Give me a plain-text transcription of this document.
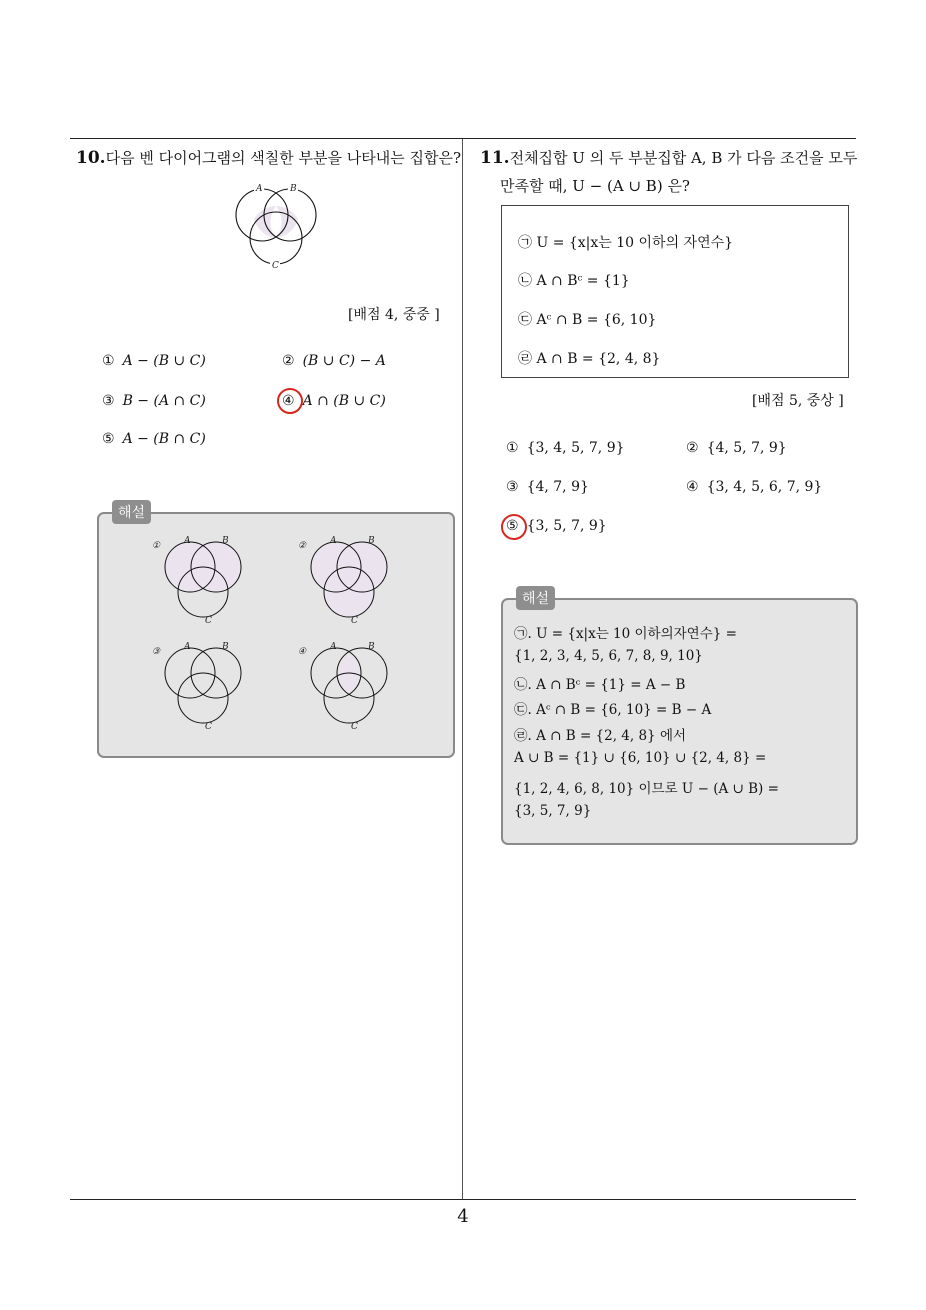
10.다음 벤 다이어그램의 색칠한 부분을 나타내는 집합은?
A	B
C
[배점 4, 중중 ]
① A − (B ∪ C)	② (B ∪ C) − A
③ B − (A ∩ C)	④ A ∩ (B ∪ C)
⑤ A − (B ∩ C)
해설
①	A	B
C
②	A	B
C
③	A	B
C
④	A	B
C
11.전체집합 U 의 두 부분집합 A, B 가 다음 조건을 모두
만족할 때, U − (A ∪ B) 은?
㉠ U = {x|x는 10 이하의 자연수}
㉡ A ∩ Bᶜ = {1}
㉢ Aᶜ ∩ B = {6, 10}
㉣ A ∩ B = {2, 4, 8}
[배점 5, 중상 ]
① {3, 4, 5, 7, 9}	② {4, 5, 7, 9}
③ {4, 7, 9}	④ {3, 4, 5, 6, 7, 9}
⑤ {3, 5, 7, 9}
해설
㉠. U = {x|x는 10 이하의자연수} =
{1, 2, 3, 4, 5, 6, 7, 8, 9, 10}
㉡. A ∩ Bᶜ = {1} = A − B
㉢. Aᶜ ∩ B = {6, 10} = B − A
㉣. A ∩ B = {2, 4, 8} 에서
A ∪ B = {1} ∪ {6, 10} ∪ {2, 4, 8} =
{1, 2, 4, 6, 8, 10} 이므로 U − (A ∪ B) =
{3, 5, 7, 9}
4
